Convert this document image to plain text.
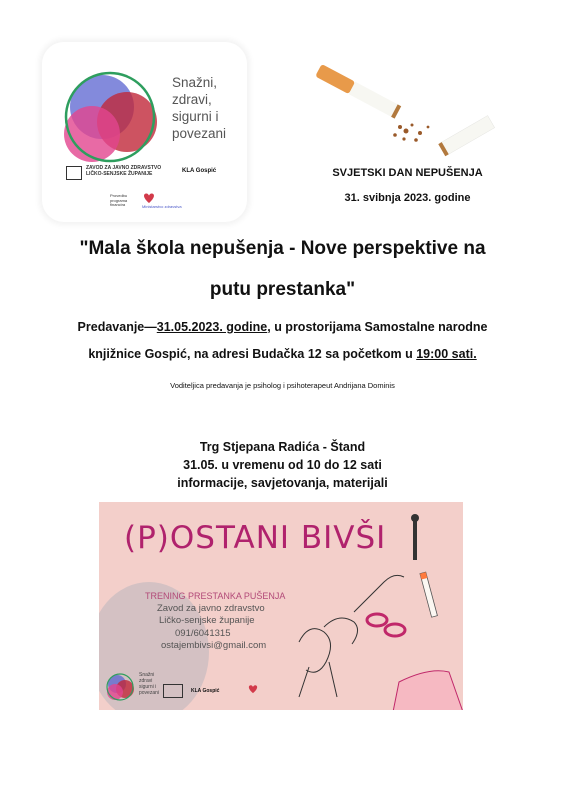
Snažni,
zdravi,
sigurni i
povezani
ZAVOD ZA JAVNO ZDRAVSTVO LIČKO-SENJSKE ŽUPANIJE	KLA Gospić
Provedbu programa financira	Ministarstvo zdravstva
SVJETSKI DAN NEPUŠENJA
31. svibnja 2023. godine
"Mala škola nepušenja - Nove perspektive na
putu prestanka"
Predavanje—31.05.2023. godine, u prostorijama Samostalne narodne
knjižnice Gospić, na adresi Budačka 12 sa početkom u 19:00 sati.
Voditeljica predavanja je psiholog i psihoterapeut Andrijana Dominis
Trg Stjepana Radića - Štand
31.05. u vremenu od 10 do 12 sati
informacije, savjetovanja, materijali
(P)OSTANI BIVŠI
TRENING PRESTANKA PUŠENJA
Zavod za javno zdravstvo
Ličko-senjske županije
091/6041315
ostajembivsi@gmail.com
Snažni
zdravi
sigurni i
povezani	KLA Gospić
